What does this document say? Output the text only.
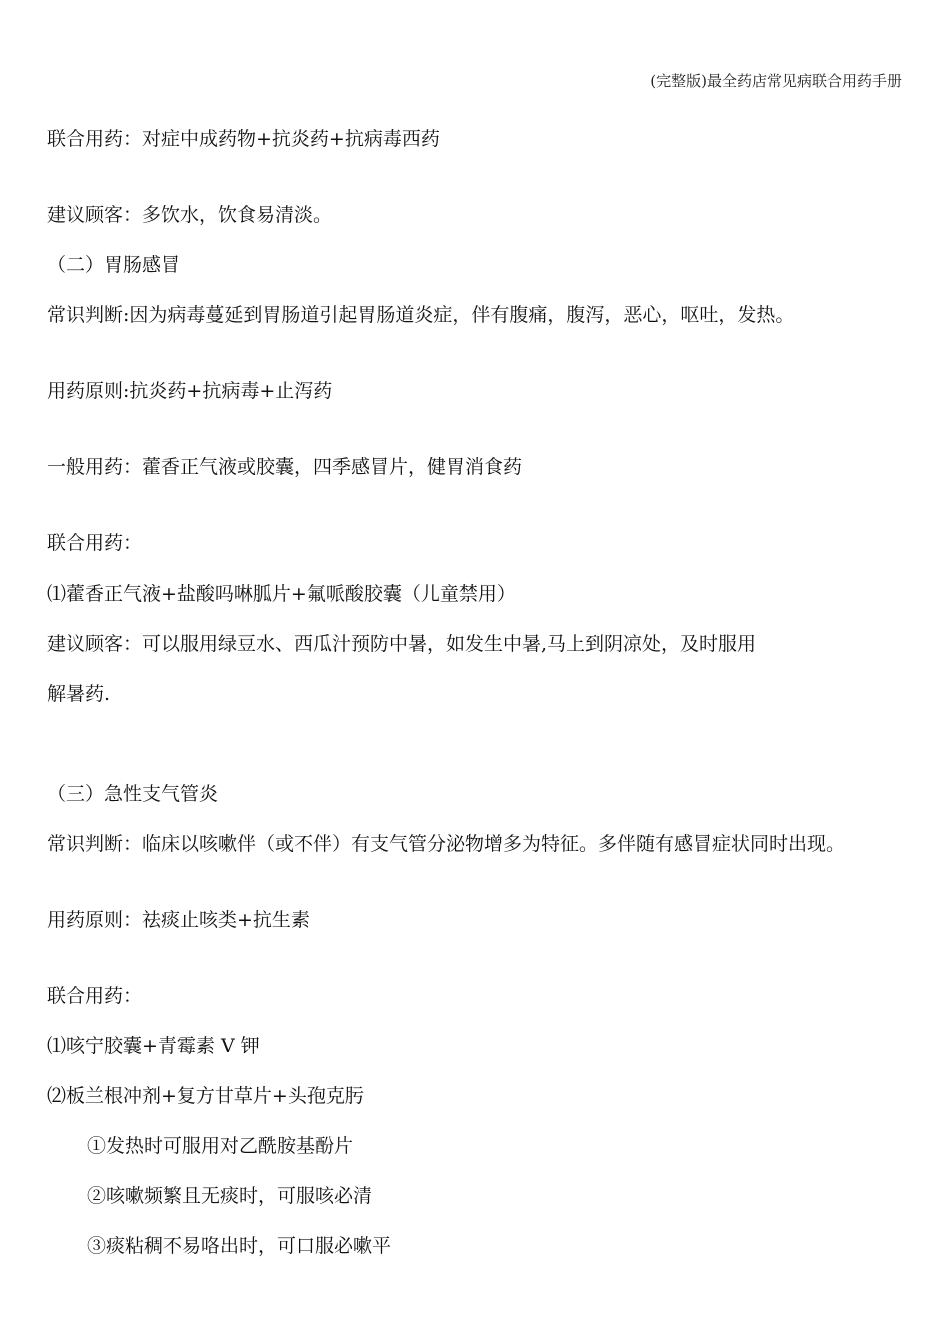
(完整版)最全药店常见病联合用药手册
联合用药：对症中成药物+抗炎药+抗病毒西药
建议顾客：多饮水，饮食易清淡。
（二）胃肠感冒
常识判断:因为病毒蔓延到胃肠道引起胃肠道炎症，伴有腹痛，腹泻，恶心，呕吐，发热。
用药原则:抗炎药+抗病毒+止泻药
一般用药：藿香正气液或胶囊，四季感冒片，健胃消食药
联合用药：
⑴藿香正气液+盐酸吗啉胍片+氟哌酸胶囊（儿童禁用）
建议顾客：可以服用绿豆水、西瓜汁预防中暑，如发生中暑,马上到阴凉处，及时服用
解暑药.
（三）急性支气管炎
常识判断：临床以咳嗽伴（或不伴）有支气管分泌物增多为特征。多伴随有感冒症状同时出现。
用药原则：祛痰止咳类+抗生素
联合用药：
⑴咳宁胶囊+青霉素 V 钾
⑵板兰根冲剂+复方甘草片+头孢克肟
①发热时可服用对乙酰胺基酚片
②咳嗽频繁且无痰时，可服咳必清
③痰粘稠不易咯出时，可口服必嗽平
